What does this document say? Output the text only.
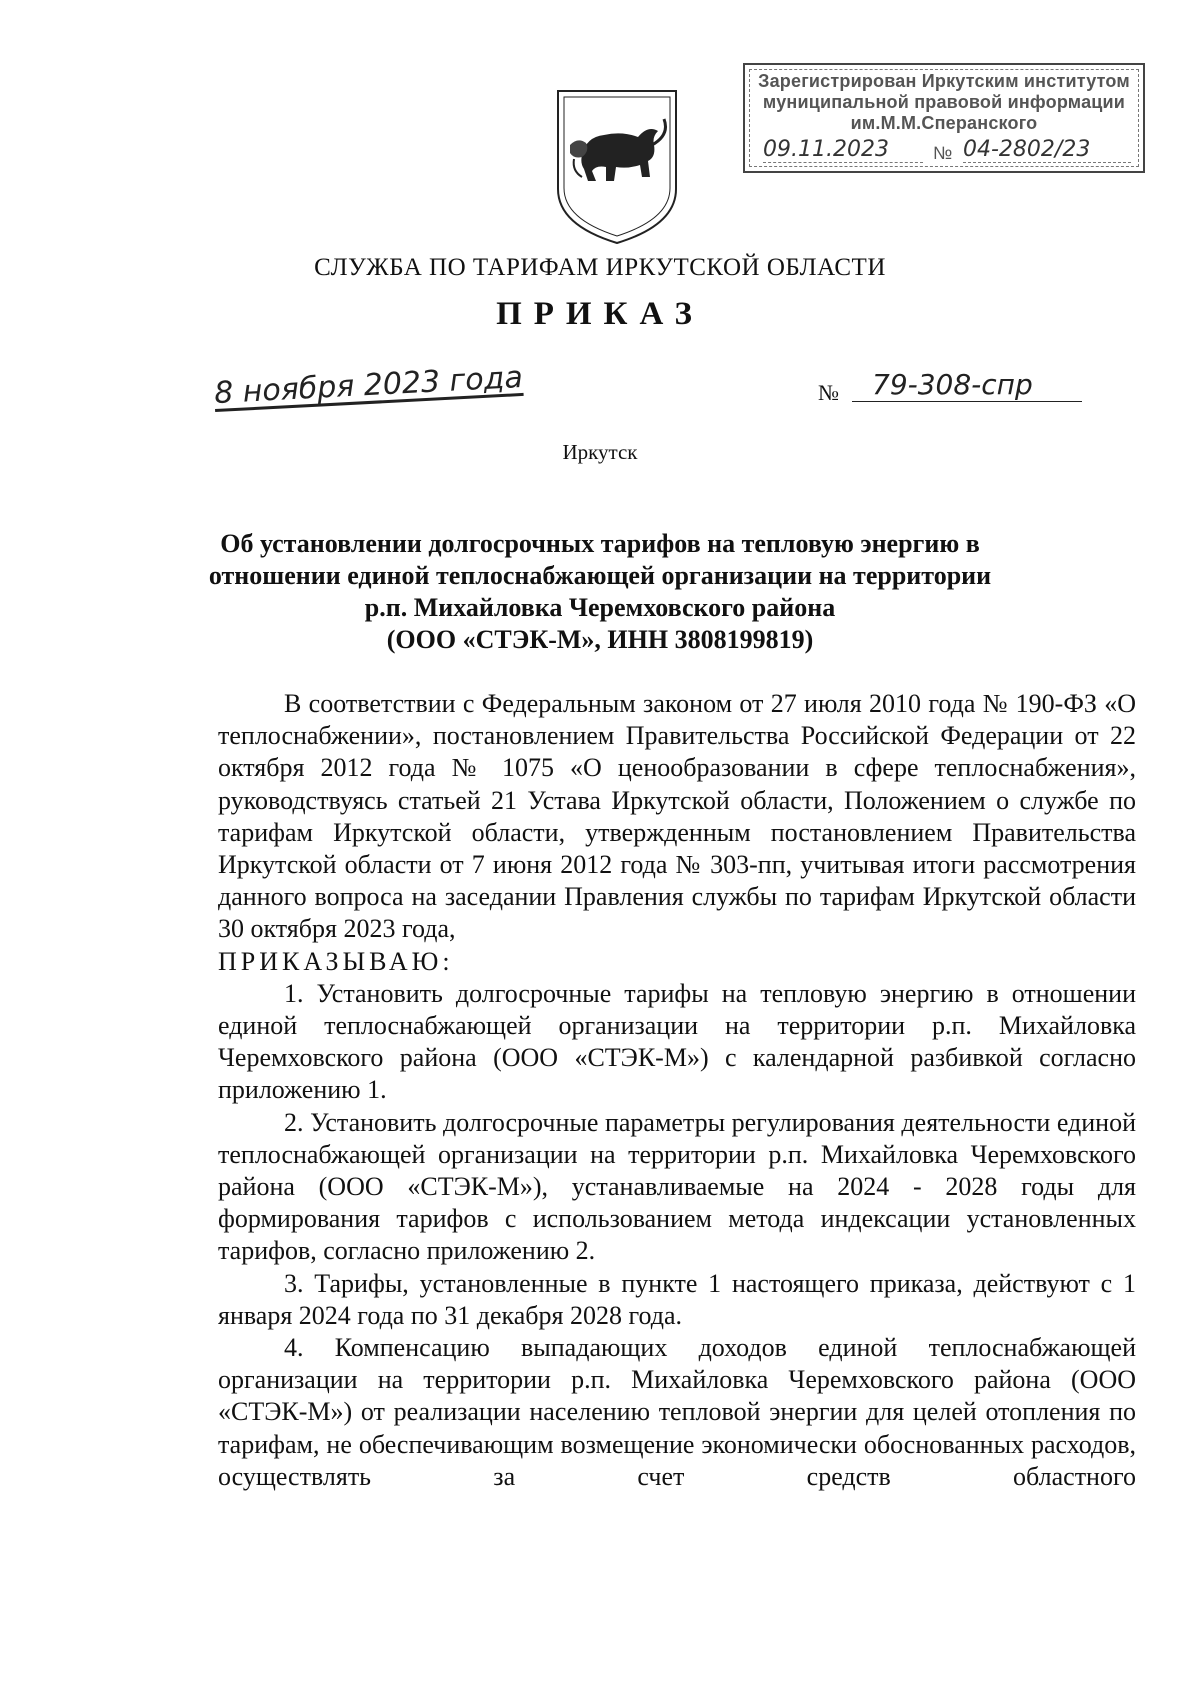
Зарегистрирован Иркутским институтом
муниципальной правовой информации
им.М.М.Сперанского
09.11.2023	№ 04-2802/23
СЛУЖБА ПО ТАРИФАМ ИРКУТСКОЙ ОБЛАСТИ
ПРИКАЗ
8 ноября 2023 года	№	79-308-спр
Иркутск
Об установлении долгосрочных тарифов на тепловую энергию в
отношении единой теплоснабжающей организации на территории
р.п. Михайловка Черемховского района
(ООО «СТЭК-М», ИНН 3808199819)

В соответствии с Федеральным законом от 27 июля 2010 года № 190-ФЗ «О теплоснабжении», постановлением Правительства Российской Федерации от 22 октября 2012 года № 1075 «О ценообразовании в сфере теплоснабжения», руководствуясь статьей 21 Устава Иркутской области, Положением о службе по тарифам Иркутской области, утвержденным постановлением Правительства Иркутской области от 7 июня 2012 года № 303-пп, учитывая итоги рассмотрения данного вопроса на заседании Правления службы по тарифам Иркутской области 30 октября 2023 года,

ПРИКАЗЫВАЮ:

1. Установить долгосрочные тарифы на тепловую энергию в отношении единой теплоснабжающей организации на территории р.п. Михайловка Черемховского района (ООО «СТЭК-М») с календарной разбивкой согласно приложению 1.

2. Установить долгосрочные параметры регулирования деятельности единой теплоснабжающей организации на территории р.п. Михайловка Черемховского района (ООО «СТЭК-М»), устанавливаемые на 2024 - 2028 годы для формирования тарифов с использованием метода индексации установленных тарифов, согласно приложению 2.

3. Тарифы, установленные в пункте 1 настоящего приказа, действуют с 1 января 2024 года по 31 декабря 2028 года.

4. Компенсацию выпадающих доходов единой теплоснабжающей организации на территории р.п. Михайловка Черемховского района (ООО «СТЭК-М») от реализации населению тепловой энергии для целей отопления по тарифам, не обеспечивающим возмещение экономически обоснованных расходов, осуществлять за счет средств областного
